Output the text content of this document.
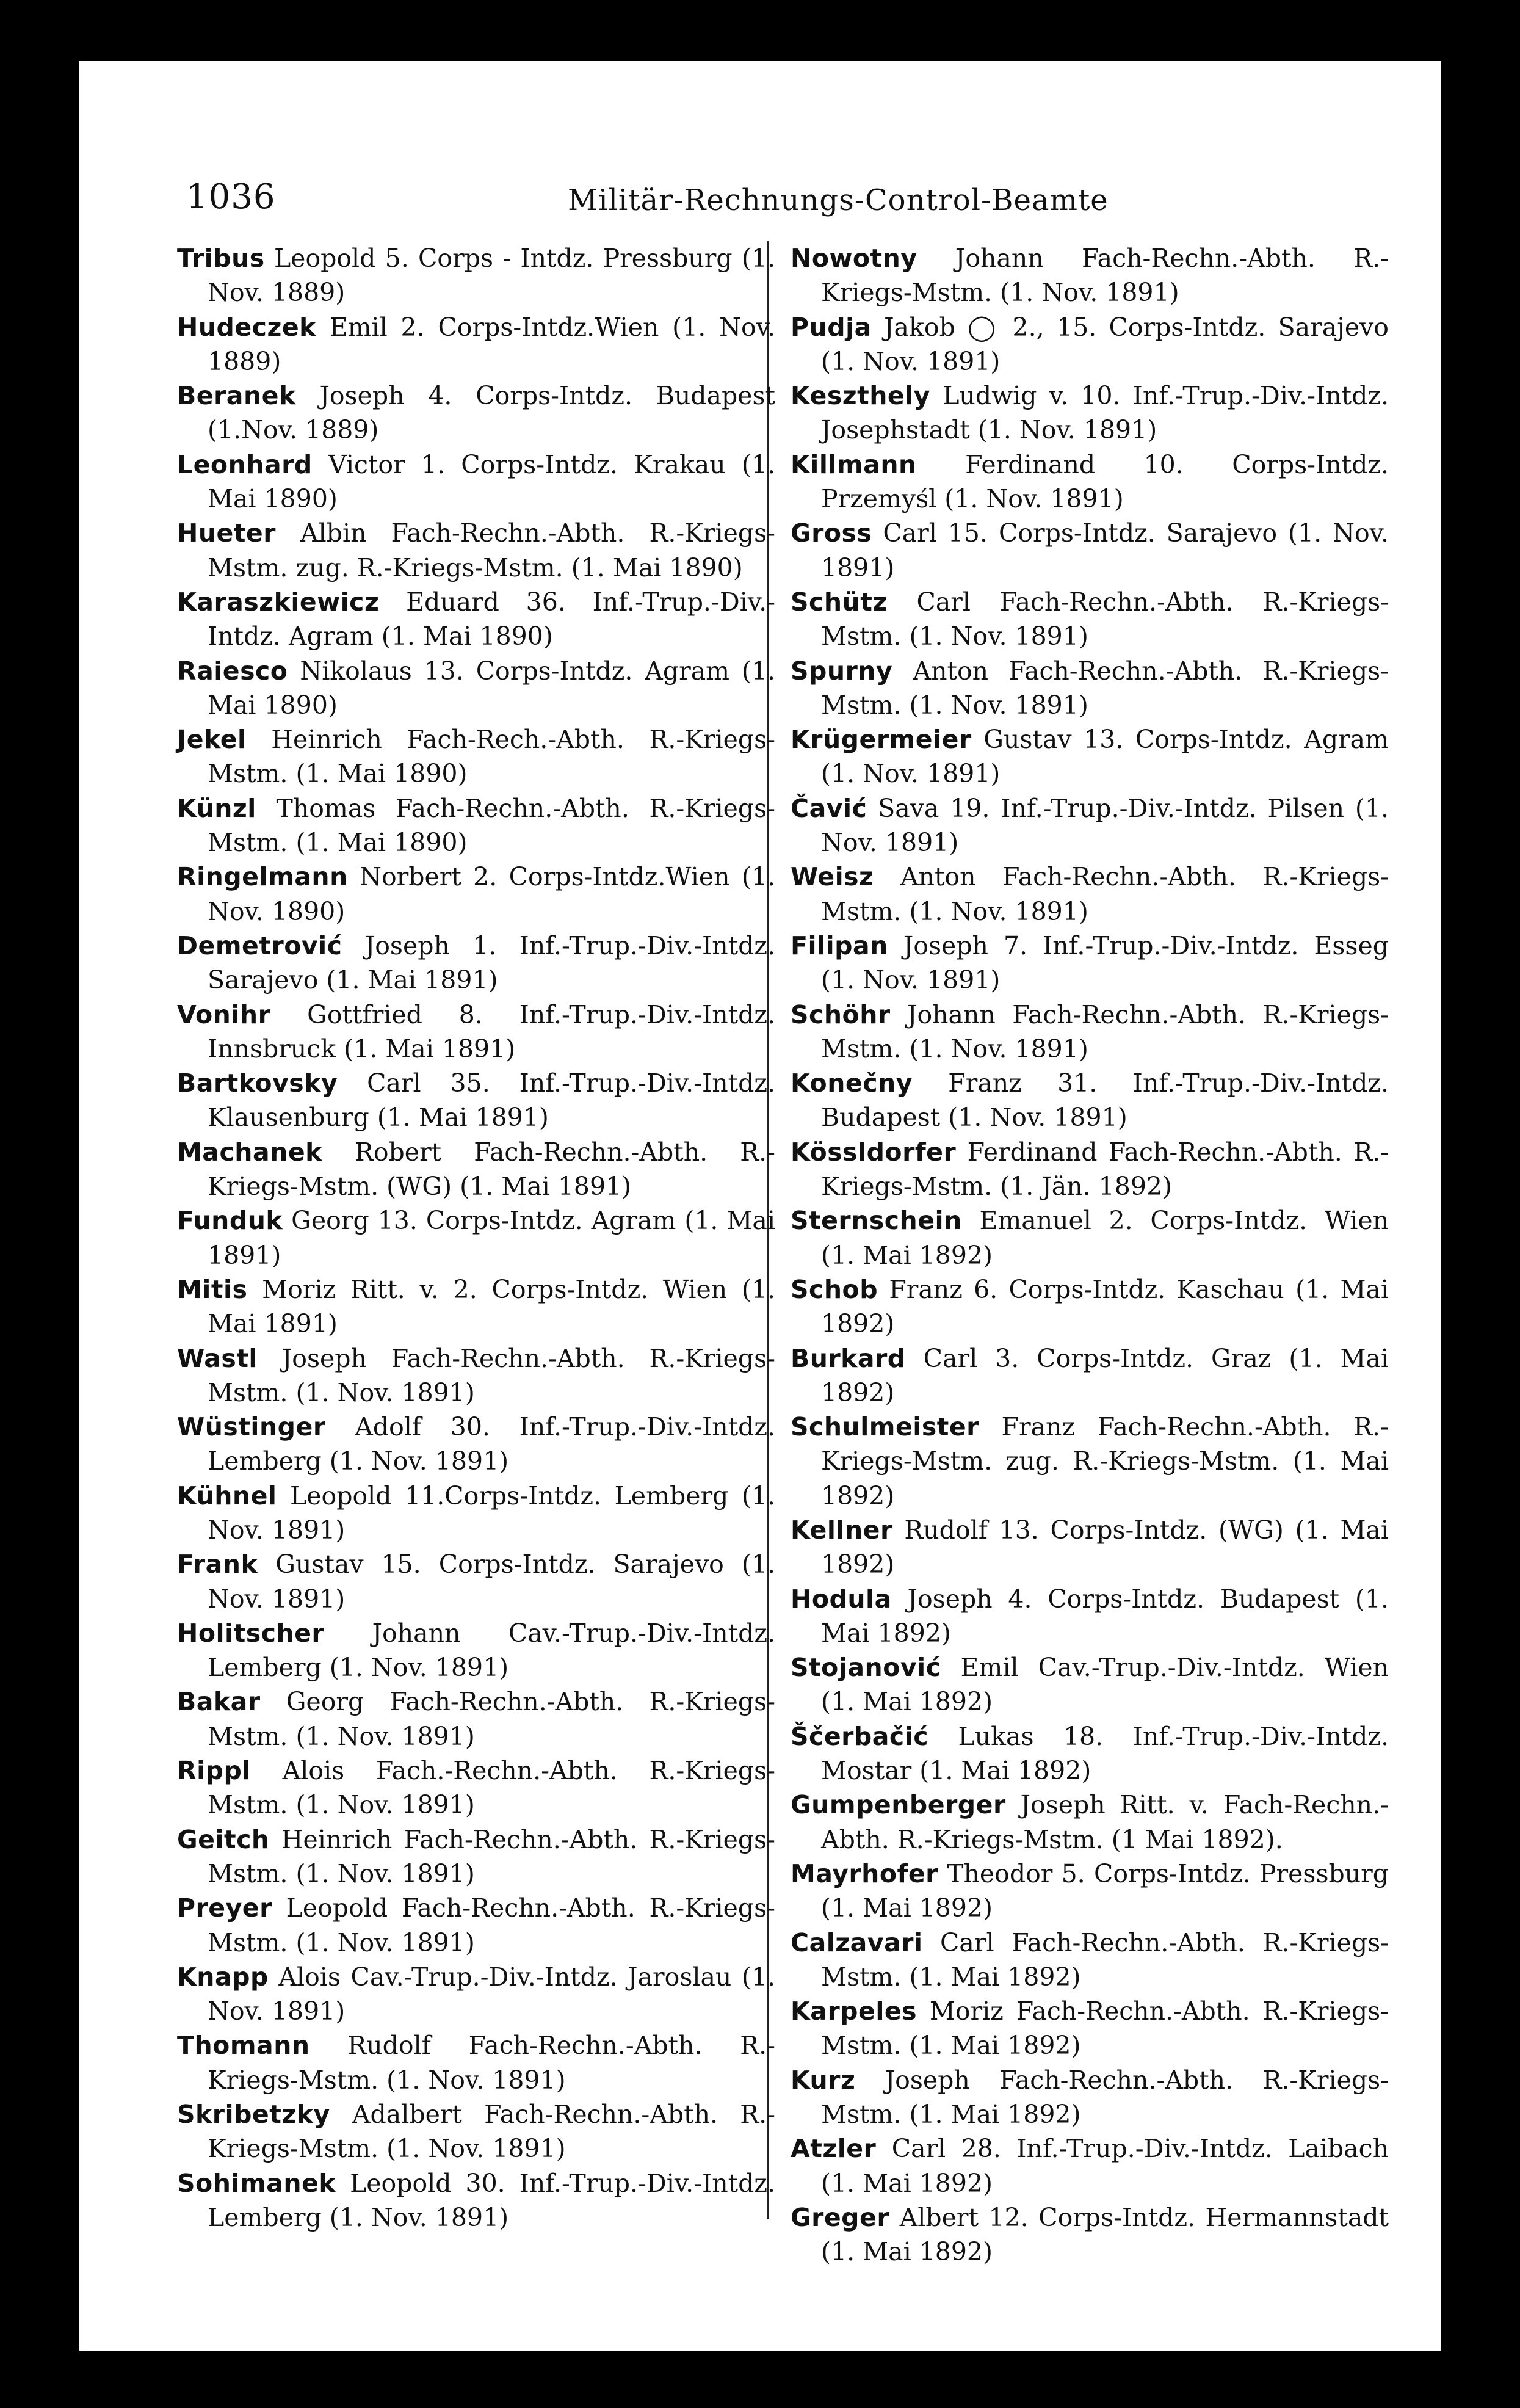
1036	Militär-Rechnungs-Control-Beamte

Tribus Leopold 5. Corps - Intdz. Pressburg (1. Nov. 1889)

Hudeczek Emil 2. Corps-Intdz.Wien (1. Nov. 1889)

Beranek Joseph 4. Corps-Intdz. Budapest (1.Nov. 1889)

Leonhard Victor 1. Corps-Intdz. Krakau (1. Mai 1890)

Hueter Albin Fach-Rechn.-Abth. R.-Kriegs-Mstm. zug. R.-Kriegs-Mstm. (1. Mai 1890)

Karaszkiewicz Eduard 36. Inf.-Trup.-Div.-Intdz. Agram (1. Mai 1890)

Raiesco Nikolaus 13. Corps-Intdz. Agram (1. Mai 1890)

Jekel Heinrich Fach-Rech.-Abth. R.-Kriegs-Mstm. (1. Mai 1890)

Künzl Thomas Fach-Rechn.-Abth. R.-Kriegs-Mstm. (1. Mai 1890)

Ringelmann Norbert 2. Corps-Intdz.Wien (1. Nov. 1890)

Demetrović Joseph 1. Inf.-Trup.-Div.-Intdz. Sarajevo (1. Mai 1891)

Vonihr Gottfried 8. Inf.-Trup.-Div.-Intdz. Innsbruck (1. Mai 1891)

Bartkovsky Carl 35. Inf.-Trup.-Div.-Intdz. Klausenburg (1. Mai 1891)

Machanek Robert Fach-Rechn.-Abth. R.-Kriegs-Mstm. (WG) (1. Mai 1891)

Funduk Georg 13. Corps-Intdz. Agram (1. Mai 1891)

Mitis Moriz Ritt. v. 2. Corps-Intdz. Wien (1. Mai 1891)

Wastl Joseph Fach-Rechn.-Abth. R.-Kriegs-Mstm. (1. Nov. 1891)

Wüstinger Adolf 30. Inf.-Trup.-Div.-Intdz. Lemberg (1. Nov. 1891)

Kühnel Leopold 11.Corps-Intdz. Lemberg (1. Nov. 1891)

Frank Gustav 15. Corps-Intdz. Sarajevo (1. Nov. 1891)

Holitscher Johann Cav.-Trup.-Div.-Intdz. Lemberg (1. Nov. 1891)

Bakar Georg Fach-Rechn.-Abth. R.-Kriegs-Mstm. (1. Nov. 1891)

Rippl Alois Fach.-Rechn.-Abth. R.-Kriegs-Mstm. (1. Nov. 1891)

Geitch Heinrich Fach-Rechn.-Abth. R.-Kriegs-Mstm. (1. Nov. 1891)

Preyer Leopold Fach-Rechn.-Abth. R.-Kriegs-Mstm. (1. Nov. 1891)

Knapp Alois Cav.-Trup.-Div.-Intdz. Jaroslau (1. Nov. 1891)

Thomann Rudolf Fach-Rechn.-Abth. R.-Kriegs-Mstm. (1. Nov. 1891)

Skribetzky Adalbert Fach-Rechn.-Abth. R.-Kriegs-Mstm. (1. Nov. 1891)

Sohimanek Leopold 30. Inf.-Trup.-Div.-Intdz. Lemberg (1. Nov. 1891)

Nowotny Johann Fach-Rechn.-Abth. R.-Kriegs-Mstm. (1. Nov. 1891)

Pudja Jakob ◯ 2., 15. Corps-Intdz. Sarajevo (1. Nov. 1891)

Keszthely Ludwig v. 10. Inf.-Trup.-Div.-Intdz. Josephstadt (1. Nov. 1891)

Killmann Ferdinand 10. Corps-Intdz. Przemyśl (1. Nov. 1891)

Gross Carl 15. Corps-Intdz. Sarajevo (1. Nov. 1891)

Schütz Carl Fach-Rechn.-Abth. R.-Kriegs-Mstm. (1. Nov. 1891)

Spurny Anton Fach-Rechn.-Abth. R.-Kriegs-Mstm. (1. Nov. 1891)

Krügermeier Gustav 13. Corps-Intdz. Agram (1. Nov. 1891)

Čavić Sava 19. Inf.-Trup.-Div.-Intdz. Pilsen (1. Nov. 1891)

Weisz Anton Fach-Rechn.-Abth. R.-Kriegs-Mstm. (1. Nov. 1891)

Filipan Joseph 7. Inf.-Trup.-Div.-Intdz. Esseg (1. Nov. 1891)

Schöhr Johann Fach-Rechn.-Abth. R.-Kriegs-Mstm. (1. Nov. 1891)

Konečny Franz 31. Inf.-Trup.-Div.-Intdz. Budapest (1. Nov. 1891)

Kössldorfer Ferdinand Fach-Rechn.-Abth. R.-Kriegs-Mstm. (1. Jän. 1892)

Sternschein Emanuel 2. Corps-Intdz. Wien (1. Mai 1892)

Schob Franz 6. Corps-Intdz. Kaschau (1. Mai 1892)

Burkard Carl 3. Corps-Intdz. Graz (1. Mai 1892)

Schulmeister Franz Fach-Rechn.-Abth. R.-Kriegs-Mstm. zug. R.-Kriegs-Mstm. (1. Mai 1892)

Kellner Rudolf 13. Corps-Intdz. (WG) (1. Mai 1892)

Hodula Joseph 4. Corps-Intdz. Budapest (1. Mai 1892)

Stojanović Emil Cav.-Trup.-Div.-Intdz. Wien (1. Mai 1892)

Ščerbačić Lukas 18. Inf.-Trup.-Div.-Intdz. Mostar (1. Mai 1892)

Gumpenberger Joseph Ritt. v. Fach-Rechn.-Abth. R.-Kriegs-Mstm. (1 Mai 1892).

Mayrhofer Theodor 5. Corps-Intdz. Pressburg (1. Mai 1892)

Calzavari Carl Fach-Rechn.-Abth. R.-Kriegs-Mstm. (1. Mai 1892)

Karpeles Moriz Fach-Rechn.-Abth. R.-Kriegs-Mstm. (1. Mai 1892)

Kurz Joseph Fach-Rechn.-Abth. R.-Kriegs-Mstm. (1. Mai 1892)

Atzler Carl 28. Inf.-Trup.-Div.-Intdz. Laibach (1. Mai 1892)

Greger Albert 12. Corps-Intdz. Hermannstadt (1. Mai 1892)
